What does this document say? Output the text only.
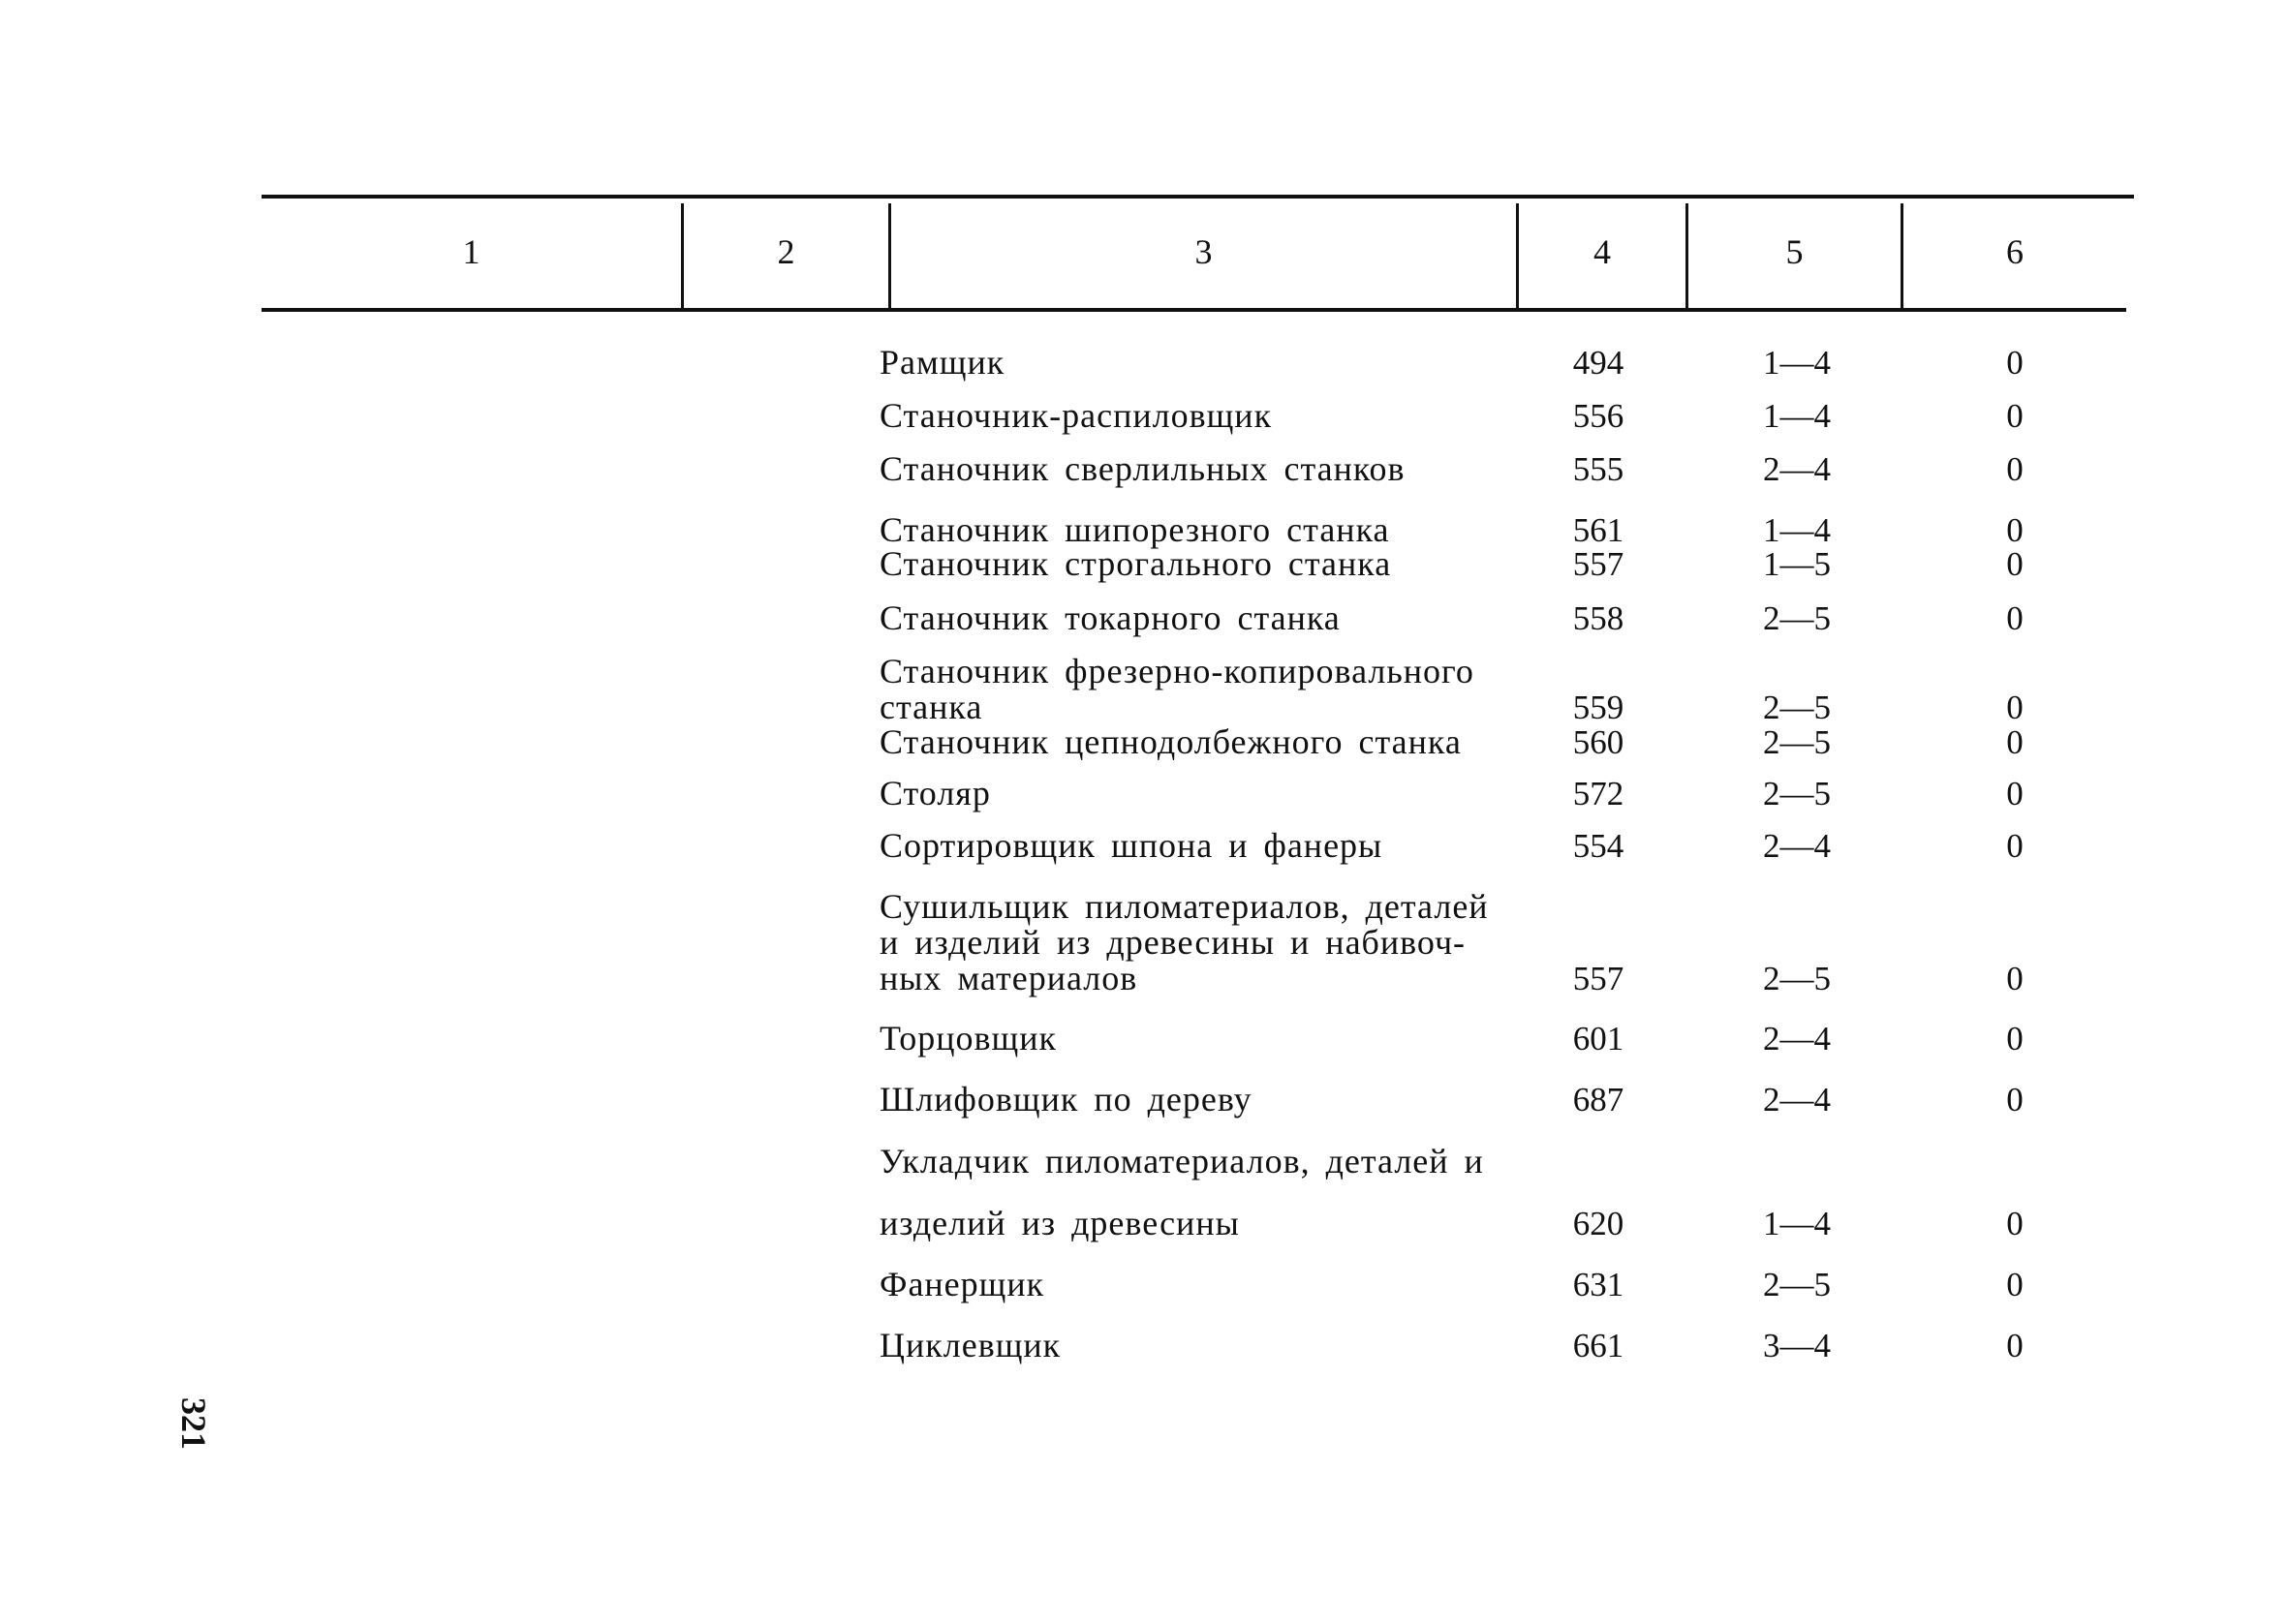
1	2	3	4	5	6
Рамщик	494	1—4	0
Станочник-распиловщик	556	1—4	0
Станочник сверлильных станков	555	2—4	0
Станочник шипорезного станка	561	1—4	0
Станочник строгального станка	557	1—5	0
Станочник токарного станка	558	2—5	0
Станочник фрезерно-копировального
станка	559	2—5	0
Станочник цепнодолбежного станка	560	2—5	0
Столяр	572	2—5	0
Сортировщик шпона и фанеры	554	2—4	0
Сушильщик пиломатериалов, деталей
и изделий из древесины и набивоч-
ных материалов	557	2—5	0
Торцовщик	601	2—4	0
Шлифовщик по дереву	687	2—4	0
Укладчик пиломатериалов, деталей и
изделий из древесины	620	1—4	0
Фанерщик	631	2—5	0
Циклевщик	661	3—4	0
321
